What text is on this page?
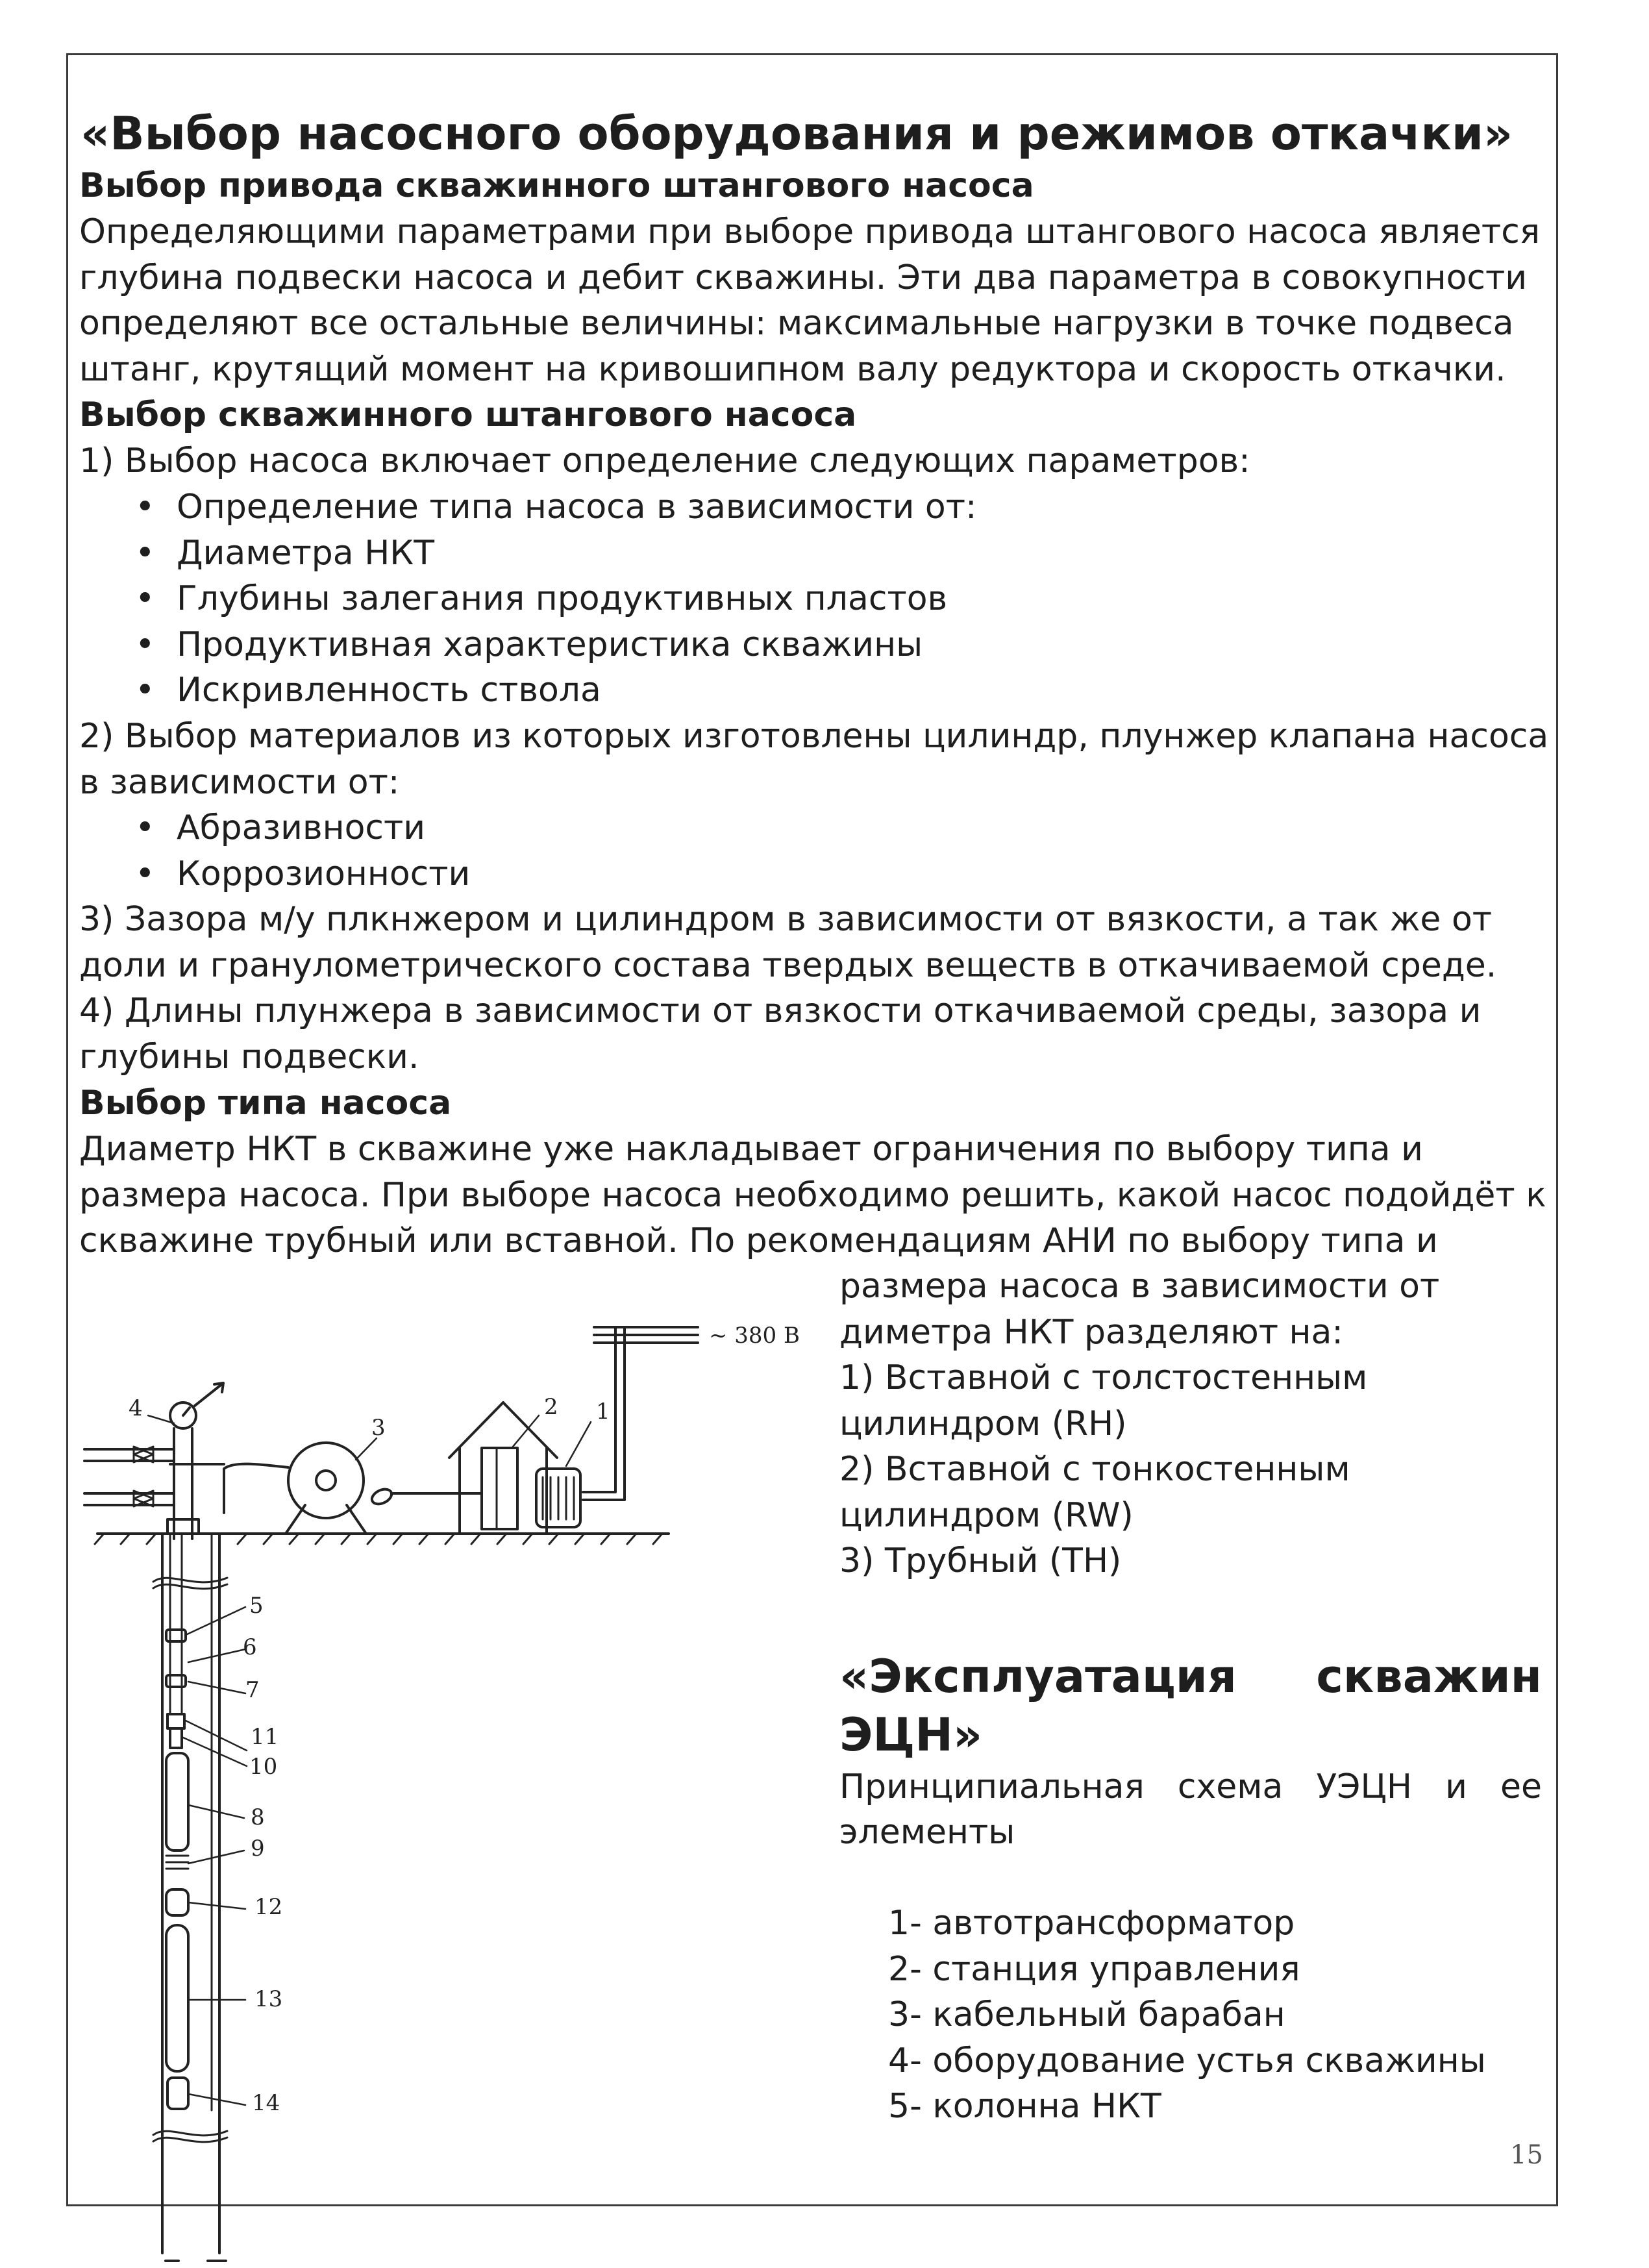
«Выбор насосного оборудования и режимов откачки»
Выбор привода скважинного штангового насоса
Определяющими параметрами при выборе привода штангового насоса является
глубина подвески насоса и дебит скважины. Эти два параметра в совокупности
определяют все остальные величины: максимальные нагрузки в точке подвеса
штанг, крутящий момент на кривошипном валу редуктора и скорость откачки.
Выбор скважинного штангового насоса
1) Выбор насоса включает определение следующих параметров:
• Определение типа насоса в зависимости от:
• Диаметра НКТ
• Глубины залегания продуктивных пластов
• Продуктивная характеристика скважины
• Искривленность ствола
2) Выбор материалов из которых изготовлены цилиндр, плунжер клапана насоса
в зависимости от:
• Абразивности
• Коррозионности
3) Зазора м/у плкнжером и цилиндром в зависимости от вязкости, а так же от
доли и гранулометрического состава твердых веществ в откачиваемой среде.
4) Длины плунжера в зависимости от вязкости откачиваемой среды, зазора и
глубины подвески.
Выбор типа насоса
Диаметр НКТ в скважине уже накладывает ограничения по выбору типа и
размера насоса. При выборе насоса необходимо решить, какой насос подойдёт к
скважине трубный или вставной. По рекомендациям АНИ по выбору типа и
размера насоса в зависимости от
диметра НКТ разделяют на:
1) Вставной с толстостенным
цилиндром (RH)
2) Вставной с тонкостенным
цилиндром (RW)
3) Трубный (TH)
«Эксплуатация скважин
ЭЦН»
Принципиальная схема УЭЦН и ее
элементы
1- автотрансформатор
2- станция управления
3- кабельный барабан
4- оборудование устья скважины
5- колонна НКТ
15
~ 380 В
1
2
3
4
5
6
7
8
9
10
11
12
13
14
